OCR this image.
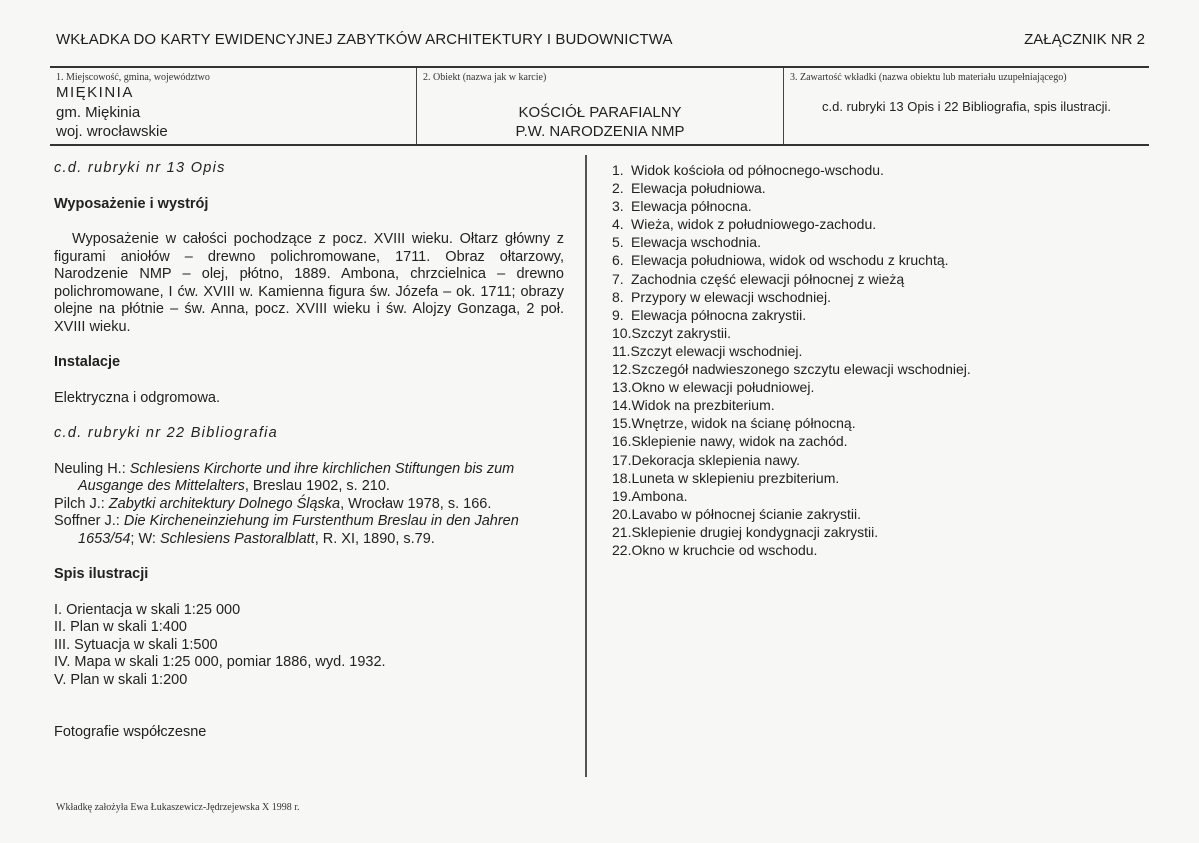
WKŁADKA DO KARTY EWIDENCYJNEJ ZABYTKÓW ARCHITEKTURY I BUDOWNICTWA	ZAŁĄCZNIK NR 2
1. Miejscowość, gmina, województwo
MIĘKINIA
gm. Miękinia
woj. wrocławskie
2. Obiekt (nazwa jak w karcie)
KOŚCIÓŁ PARAFIALNY
P.W. NARODZENIA NMP
3. Zawartość wkładki (nazwa obiektu lub materiału uzupełniającego)
c.d. rubryki 13 Opis i 22 Bibliografia, spis ilustracji.

c.d. rubryki nr 13 Opis

Wyposażenie i wystrój

Wyposażenie w całości pochodzące z pocz. XVIII wieku. Ołtarz główny z figurami aniołów – drewno polichromowane, 1711. Obraz ołtarzowy, Narodzenie NMP – olej, płótno, 1889. Ambona, chrzcielnica – drewno polichromowane, I ćw. XVIII w. Kamienna figura św. Józefa – ok. 1711; obrazy olejne na płótnie – św. Anna, pocz. XVIII wieku i św. Alojzy Gonzaga, 2 poł. XVIII wieku.

Instalacje

Elektryczna i odgromowa.

c.d. rubryki nr 22 Bibliografia

Neuling H.: Schlesiens Kirchorte und ihre kirchlichen Stiftungen bis zum Ausgange des Mittelalters, Breslau 1902, s. 210.

Pilch J.: Zabytki architektury Dolnego Śląska, Wrocław 1978, s. 166.

Soffner J.: Die Kircheneinziehung im Furstenthum Breslau in den Jahren 1653/54; W: Schlesiens Pastoralblatt, R. XI, 1890, s.79.

Spis ilustracji

I. Orientacja w skali 1:25 000

II. Plan w skali 1:400

III. Sytuacja w skali 1:500

IV. Mapa w skali 1:25 000, pomiar 1886, wyd. 1932.

V. Plan w skali 1:200

Fotografie współczesne

1. Widok kościoła od północnego-wschodu.
2. Elewacja południowa.
3. Elewacja północna.
4. Wieża, widok z południowego-zachodu.
5. Elewacja wschodnia.
6. Elewacja południowa, widok od wschodu z kruchtą.
7. Zachodnia część elewacji północnej z wieżą
8. Przypory w elewacji wschodniej.
9. Elewacja północna zakrystii.
10. Szczyt zakrystii.
11. Szczyt elewacji wschodniej.
12. Szczegół nadwieszonego szczytu elewacji wschodniej.
13. Okno w elewacji południowej.
14. Widok na prezbiterium.
15. Wnętrze, widok na ścianę północną.
16. Sklepienie nawy, widok na zachód.
17. Dekoracja sklepienia nawy.
18. Luneta w sklepieniu prezbiterium.
19. Ambona.
20. Lavabo w północnej ścianie zakrystii.
21. Sklepienie drugiej kondygnacji zakrystii.
22. Okno w kruchcie od wschodu.
Wkładkę założyła Ewa Łukaszewicz-Jędrzejewska X 1998 r.
